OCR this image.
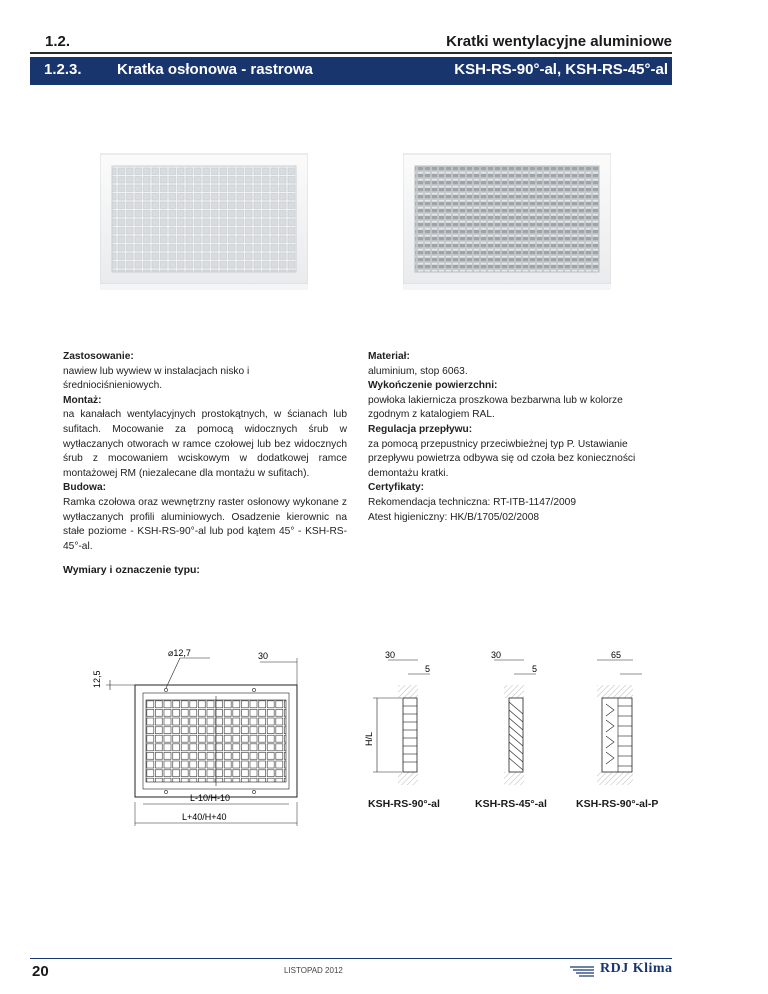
1.2.	Kratki wentylacyjne aluminiowe
1.2.3. Kratka osłonowa - rastrowa	KSH-RS-90°-al, KSH-RS-45°-al
Zastosowanie:
nawiew lub wywiew w instalacjach nisko i średniociśnieniowych.
Montaż:
na kanałach wentylacyjnych prostokątnych, w ścianach lub sufitach. Mocowanie za pomocą widocznych śrub w wytłaczanych otworach w ramce czołowej lub bez widocznych śrub z mocowaniem wciskowym w dodatkowej ramce montażowej RM (niezalecane dla montażu w sufitach).
Budowa:
Ramka czołowa oraz wewnętrzny raster osłonowy wykonane z wytłaczanych profili aluminiowych. Osadzenie kierownic na stałe poziome - KSH-RS-90°-al lub pod kątem 45° - KSH-RS-45°-al.
Materiał:
aluminium, stop 6063.
Wykończenie powierzchni:
powłoka lakiernicza proszkowa bezbarwna lub w kolorze zgodnym z katalogiem RAL.
Regulacja przepływu:
za pomocą przepustnicy przeciwbieżnej typ P. Ustawianie przepływu powietrza odbywa się od czoła bez konieczności demontażu kratki.
Certyfikaty:
Rekomendacja techniczna: RT-ITB-1147/2009
Atest higieniczny: HK/B/1705/02/2008
Wymiary i oznaczenie typu:
⌀12,7
12,5
30
L-10/H-10
L+40/H+40
H/L
30
5
30
5
65
KSH-RS-90°-al	KSH-RS-45°-al	KSH-RS-90°-al-P
20	LISTOPAD 2012	RDJ Klima
